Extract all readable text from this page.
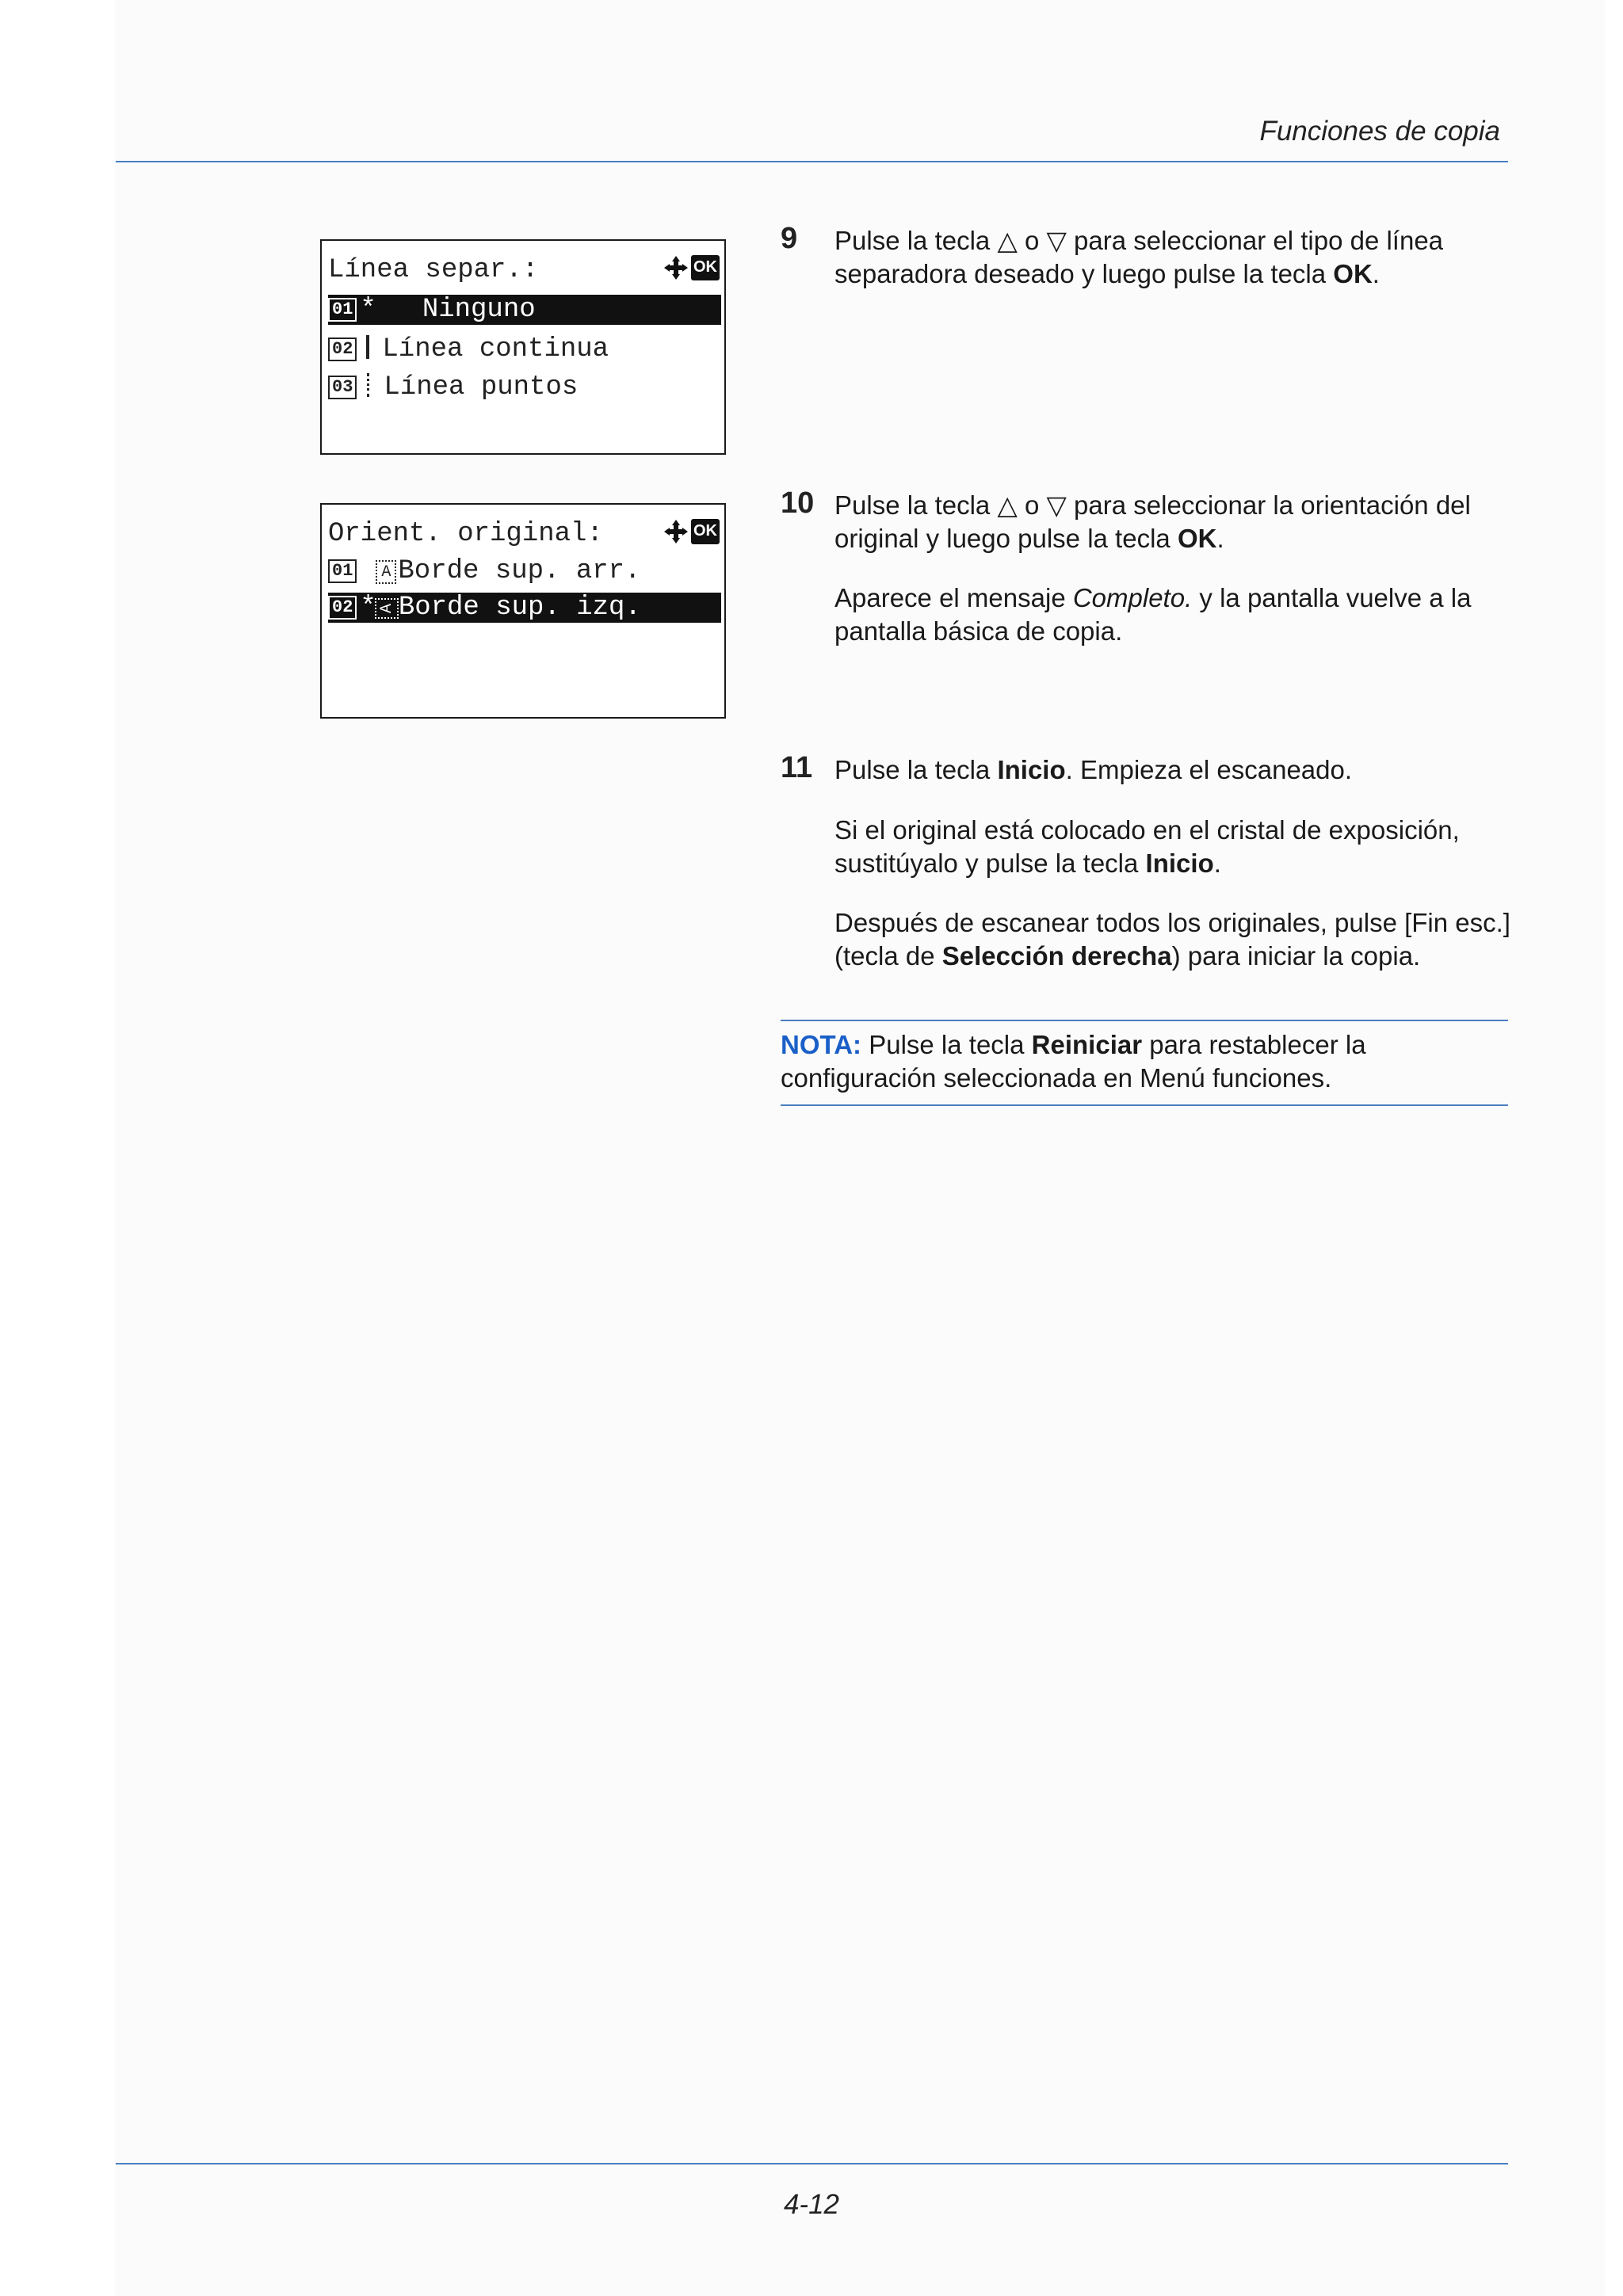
Funciones de copia
Línea separ.:	OK
01 * Ninguno
02 Línea continua
03 Línea puntos
Orient. original:	OK
01 A Borde sup. arr.
02 * ABorde sup. izq.
9 Pulse la tecla △ o ▽ para seleccionar el tipo de línea separadora deseado y luego pulse la tecla OK.
10 Pulse la tecla △ o ▽ para seleccionar la orientación del original y luego pulse la tecla OK.
Aparece el mensaje Completo. y la pantalla vuelve a la pantalla básica de copia.
11 Pulse la tecla Inicio. Empieza el escaneado.
Si el original está colocado en el cristal de exposición, sustitúyalo y pulse la tecla Inicio.
Después de escanear todos los originales, pulse [Fin esc.] (tecla de Selección derecha) para iniciar la copia.
NOTA: Pulse la tecla Reiniciar para restablecer la configuración seleccionada en Menú funciones.
4-12
